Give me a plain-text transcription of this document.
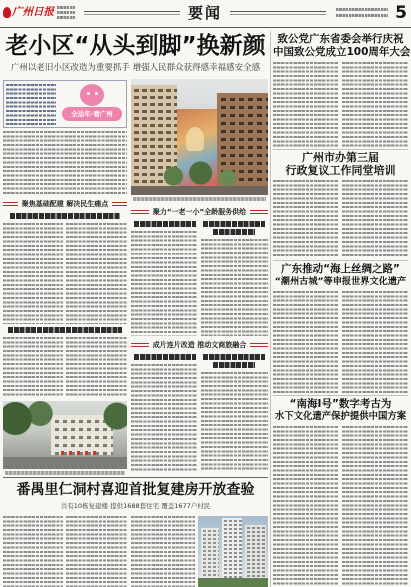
广州日报	要闻	5
老小区“从头到脚”换新颜
广州以老旧小区改造为重要抓手 增强人民群众获得感幸福感安全感
全运年·看广州
聚焦基础配建 解决民生痛点
聚力“一老一小”全龄服务供给
成片连片改造 推动文商旅融合
番禺里仁洞村喜迎首批复建房开放查验
共有10栋复建楼 提供1688套住宅 覆盖1677户村民
致公党广东省委会举行庆祝
中国致公党成立100周年大会
广州市办第三届
行政复议工作同堂培训
广东推动“海上丝绸之路”
“潮州古城”等申报世界文化遗产
“南海Ⅰ号”数字考古为
水下文化遗产保护提供中国方案
